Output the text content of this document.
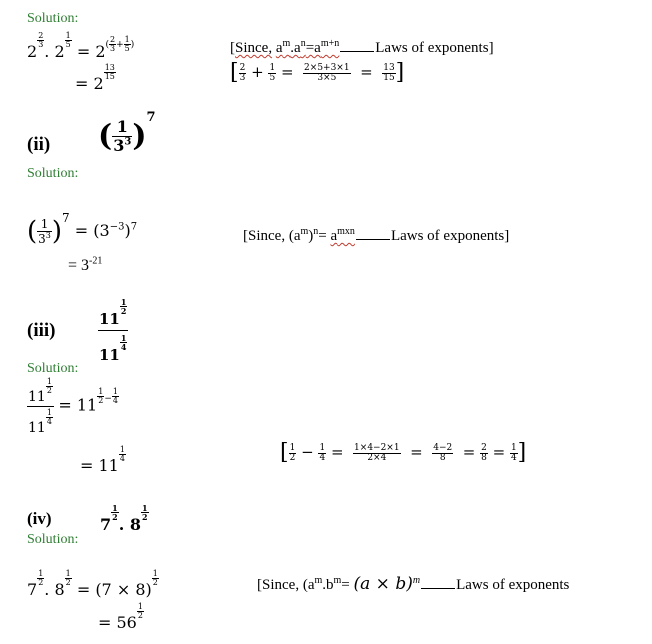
Solution:
2
$\frac{2}{3}$
. 2
$\frac{1}{5}$
= $2^{( \frac{2}{3} + \frac{1}{5} )}$
= 2
$\frac{13}{15}$
[Since, $a^m.a^n=a^{m+n}$ Laws of exponents]
[ $\frac{2}{3} + \frac{1}{5} = \frac{2\times 5+3\times 1}{3\times 5} = \frac{13}{15}$ ]
(ii) ( $\frac{1}{3^3} )^7$
Solution:
( $\frac{1}{3^3} )^7 = (3^{-3})^7$
= $3^{-21}$
[Since, $(a^m)^n= a^{mxn}$ Laws of exponents]
(iii)	11
$\frac{1}{2}$
11
$\frac{1}{4}$
Solution:
11
$\frac{1}{2}$
11
$\frac{1}{4} = 11 \frac{1}{2} - \frac{1}{4}$
= 11
$\frac{1}{4}$	[ $\frac{1}{2} - \frac{1}{4} = \frac{1\times 4-2\times 1}{2\times 4} = \frac{4-2}{8} = \frac{2}{8} = \frac{1}{4}$ ]
(iv)	7
$\frac{1}{2}$
. 8
$\frac{1}{2}$
Solution:
7
$\frac{1}{2}$
. 8
$\frac{1}{2}$
= (7 × 8)
$\frac{1}{2}$
= 56
$\frac{1}{2}$
[Since, ($a^m.b^m= (a \times b)^m$ Laws of exponents
